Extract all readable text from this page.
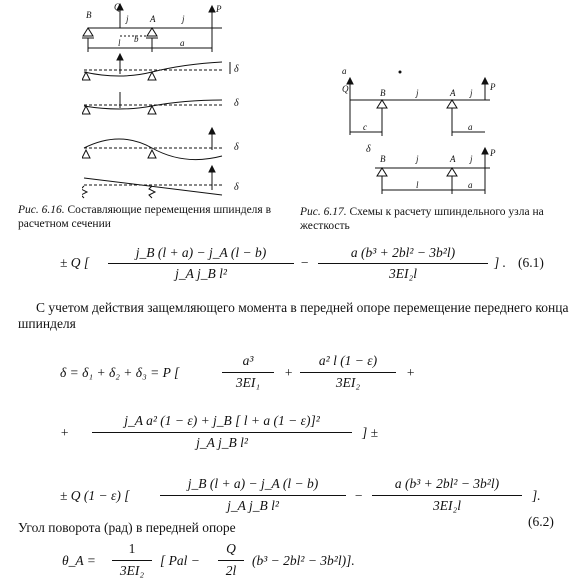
B
Q
j A	j
P
b
l	a
δ
δ
δ
δ
Рис. 6.16. Составляющие перемещения шпинделя в расчетном сечении
a
Q	B	j	A j
P
c	a
δ
B	j	A j
P
l	a
Рис. 6.17. Схемы к расчету шпиндельного узла на жесткость
± Q [
j_B (l + a) − j_A (l − b)
j_A j_B l²
−
a (b³ + 2bl² − 3b²l)
3EI₂l
] . (6.1)
С учетом действия защемляющего момента в передней опоре перемещение переднего конца шпинделя
δ = δ₁ + δ₂ + δ₃ = P [
a³
3EI₁
+
a² l (1 − ε)
3EI₂
+
+
j_A a² (1 − ε) + j_B [ l + a (1 − ε)]²
j_A j_B l²
] ±
± Q (1 − ε) [
j_B (l + a) − j_A (l − b)
j_A j_B l²
−
a (b³ + 2bl² − 3b²l)
3EI₂l
].
(6.2)
Угол поворота (рад) в передней опоре
θ_A =
1
3EI₂
[ Pal −
Q
2l
(b³ − 2bl² − 3b²l)].
